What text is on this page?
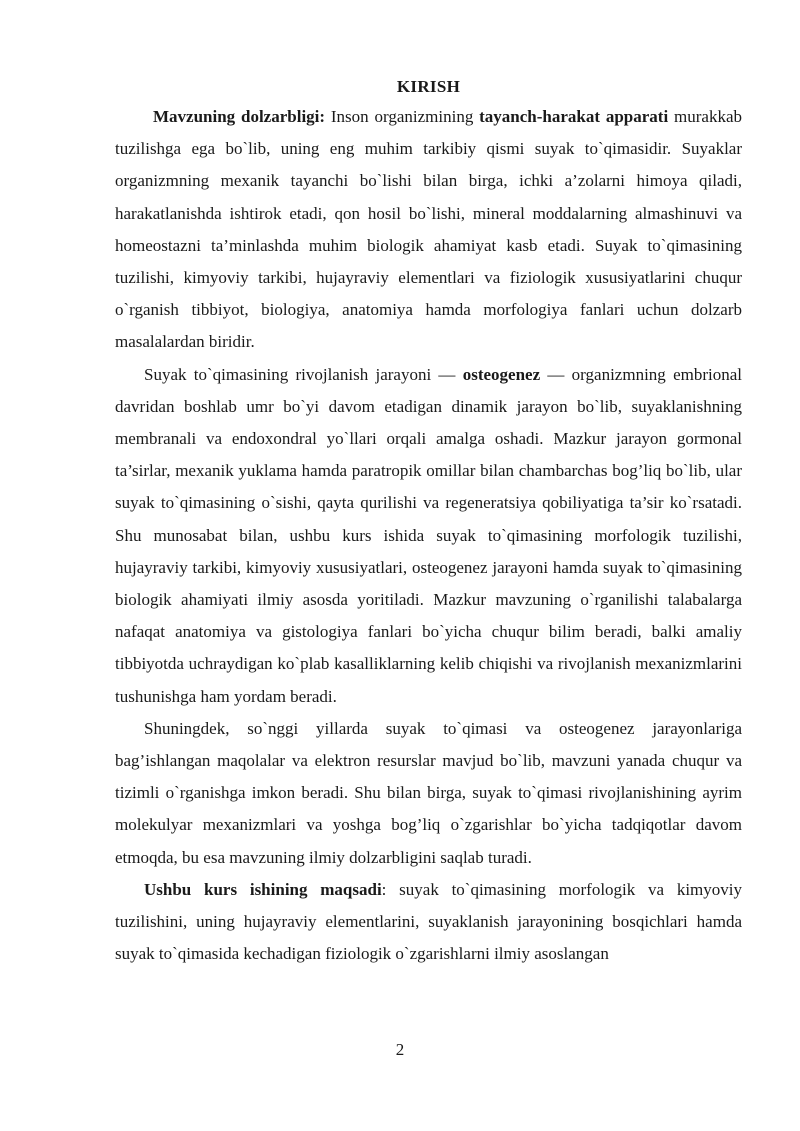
KIRISH

Mavzuning dolzarbligi: Inson organizmining tayanch-harakat apparati murakkab tuzilishga ega bo`lib, uning eng muhim tarkibiy qismi suyak to`qimasidir. Suyaklar organizmning mexanik tayanchi bo`lishi bilan birga, ichki a’zolarni himoya qiladi, harakatlanishda ishtirok etadi, qon hosil bo`lishi, mineral moddalarning almashinuvi va homeostazni ta’minlashda muhim biologik ahamiyat kasb etadi. Suyak to`qimasining tuzilishi, kimyoviy tarkibi, hujayraviy elementlari va fiziologik xususiyatlarini chuqur o`rganish tibbiyot, biologiya, anatomiya hamda morfologiya fanlari uchun dolzarb masalalardan biridir.

Suyak to`qimasining rivojlanish jarayoni — osteogenez — organizmning embrional davridan boshlab umr bo`yi davom etadigan dinamik jarayon bo`lib, suyaklanishning membranali va endoxondral yo`llari orqali amalga oshadi. Mazkur jarayon gormonal ta’sirlar, mexanik yuklama hamda paratropik omillar bilan chambarchas bog’liq bo`lib, ular suyak to`qimasining o`sishi, qayta qurilishi va regeneratsiya qobiliyatiga ta’sir ko`rsatadi. Shu munosabat bilan, ushbu kurs ishida suyak to`qimasining morfologik tuzilishi, hujayraviy tarkibi, kimyoviy xususiyatlari, osteogenez jarayoni hamda suyak to`qimasining biologik ahamiyati ilmiy asosda yoritiladi. Mazkur mavzuning o`rganilishi talabalarga nafaqat anatomiya va gistologiya fanlari bo`yicha chuqur bilim beradi, balki amaliy tibbiyotda uchraydigan ko`plab kasalliklarning kelib chiqishi va rivojlanish mexanizmlarini tushunishga ham yordam beradi.

Shuningdek, so`nggi yillarda suyak to`qimasi va osteogenez jarayonlariga bag’ishlangan maqolalar va elektron resurslar mavjud bo`lib, mavzuni yanada chuqur va tizimli o`rganishga imkon beradi. Shu bilan birga, suyak to`qimasi rivojlanishining ayrim molekulyar mexanizmlari va yoshga bog’liq o`zgarishlar bo`yicha tadqiqotlar davom etmoqda, bu esa mavzuning ilmiy dolzarbligini saqlab turadi.

Ushbu kurs ishining maqsadi: suyak to`qimasining morfologik va kimyoviy tuzilishini, uning hujayraviy elementlarini, suyaklanish jarayonining bosqichlari hamda suyak to`qimasida kechadigan fiziologik o`zgarishlarni ilmiy asoslangan

2
